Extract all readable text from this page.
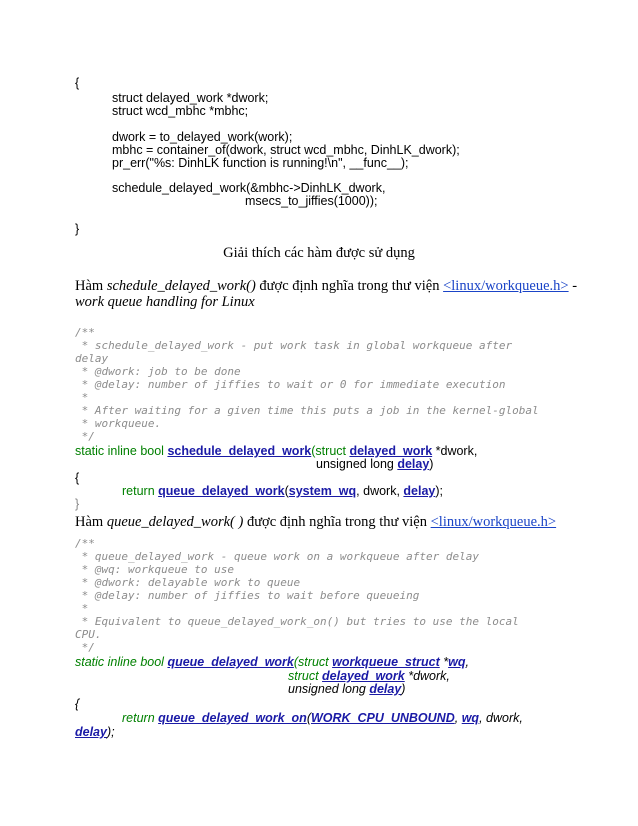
{
struct delayed_work *dwork;
struct wcd_mbhc *mbhc;
dwork = to_delayed_work(work);
mbhc = container_of(dwork, struct wcd_mbhc, DinhLK_dwork);
pr_err("%s: DinhLK function is running!\n", __func__);
schedule_delayed_work(&mbhc->DinhLK_dwork,
msecs_to_jiffies(1000));
}
Giải thích các hàm được sử dụng
Hàm schedule_delayed_work() được định nghĩa trong thư viện <linux/workqueue.h> -
work queue handling for Linux
/**
* schedule_delayed_work - put work task in global workqueue after
delay
* @dwork: job to be done
* @delay: number of jiffies to wait or 0 for immediate execution
*
* After waiting for a given time this puts a job in the kernel-global
* workqueue.
*/
static inline bool schedule_delayed_work(struct delayed_work *dwork,
unsigned long delay)
{
return queue_delayed_work(system_wq, dwork, delay);
}
Hàm queue_delayed_work( ) được định nghĩa trong thư viện <linux/workqueue.h>
/**
* queue_delayed_work - queue work on a workqueue after delay
* @wq: workqueue to use
* @dwork: delayable work to queue
* @delay: number of jiffies to wait before queueing
*
* Equivalent to queue_delayed_work_on() but tries to use the local
CPU.
*/
static inline bool queue_delayed_work(struct workqueue_struct *wq,
struct delayed_work *dwork,
unsigned long delay)
{
return queue_delayed_work_on(WORK_CPU_UNBOUND, wq, dwork,
delay);
